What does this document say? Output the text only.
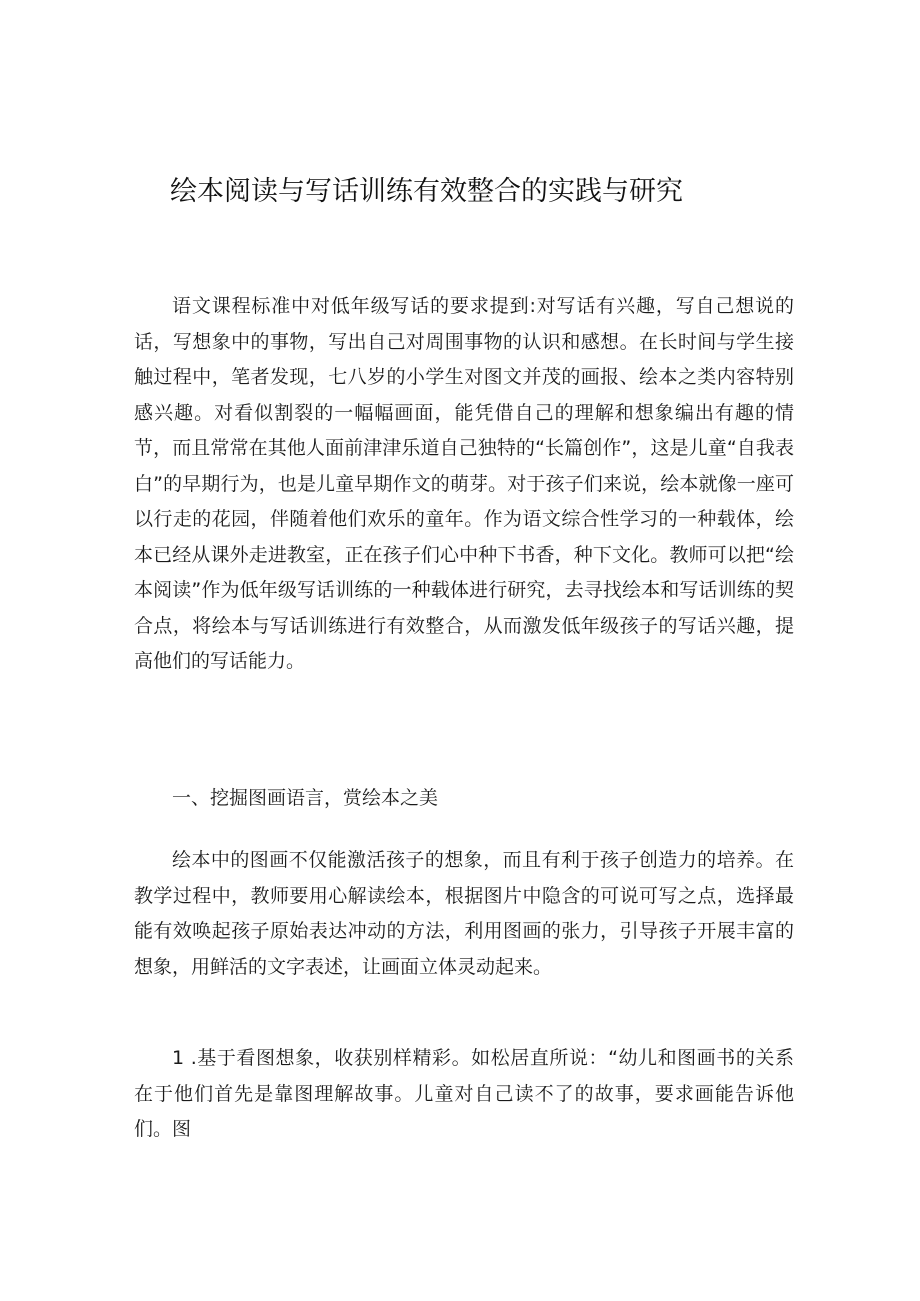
绘本阅读与写话训练有效整合的实践与研究

语文课程标准中对低年级写话的要求提到:对写话有兴趣，写自己想说的话，写想象中的事物，写出自己对周围事物的认识和感想。在长时间与学生接触过程中，笔者发现，七八岁的小学生对图文并茂的画报、绘本之类内容特别感兴趣。对看似割裂的一幅幅画面，能凭借自己的理解和想象编出有趣的情节，而且常常在其他人面前津津乐道自己独特的“长篇创作”，这是儿童“自我表白”的早期行为，也是儿童早期作文的萌芽。对于孩子们来说，绘本就像一座可以行走的花园，伴随着他们欢乐的童年。作为语文综合性学习的一种载体，绘本已经从课外走进教室，正在孩子们心中种下书香，种下文化。教师可以把“绘本阅读”作为低年级写话训练的一种载体进行研究，去寻找绘本和写话训练的契合点，将绘本与写话训练进行有效整合，从而激发低年级孩子的写话兴趣，提高他们的写话能力。

一、挖掘图画语言，赏绘本之美

绘本中的图画不仅能激活孩子的想象，而且有利于孩子创造力的培养。在教学过程中，教师要用心解读绘本，根据图片中隐含的可说可写之点，选择最能有效唤起孩子原始表达冲动的方法，利用图画的张力，引导孩子开展丰富的想象，用鲜活的文字表述，让画面立体灵动起来。

1 .基于看图想象，收获别样精彩。如松居直所说：“幼儿和图画书的关系在于他们首先是靠图理解故事。儿童对自己读不了的故事，要求画能告诉他们。图
